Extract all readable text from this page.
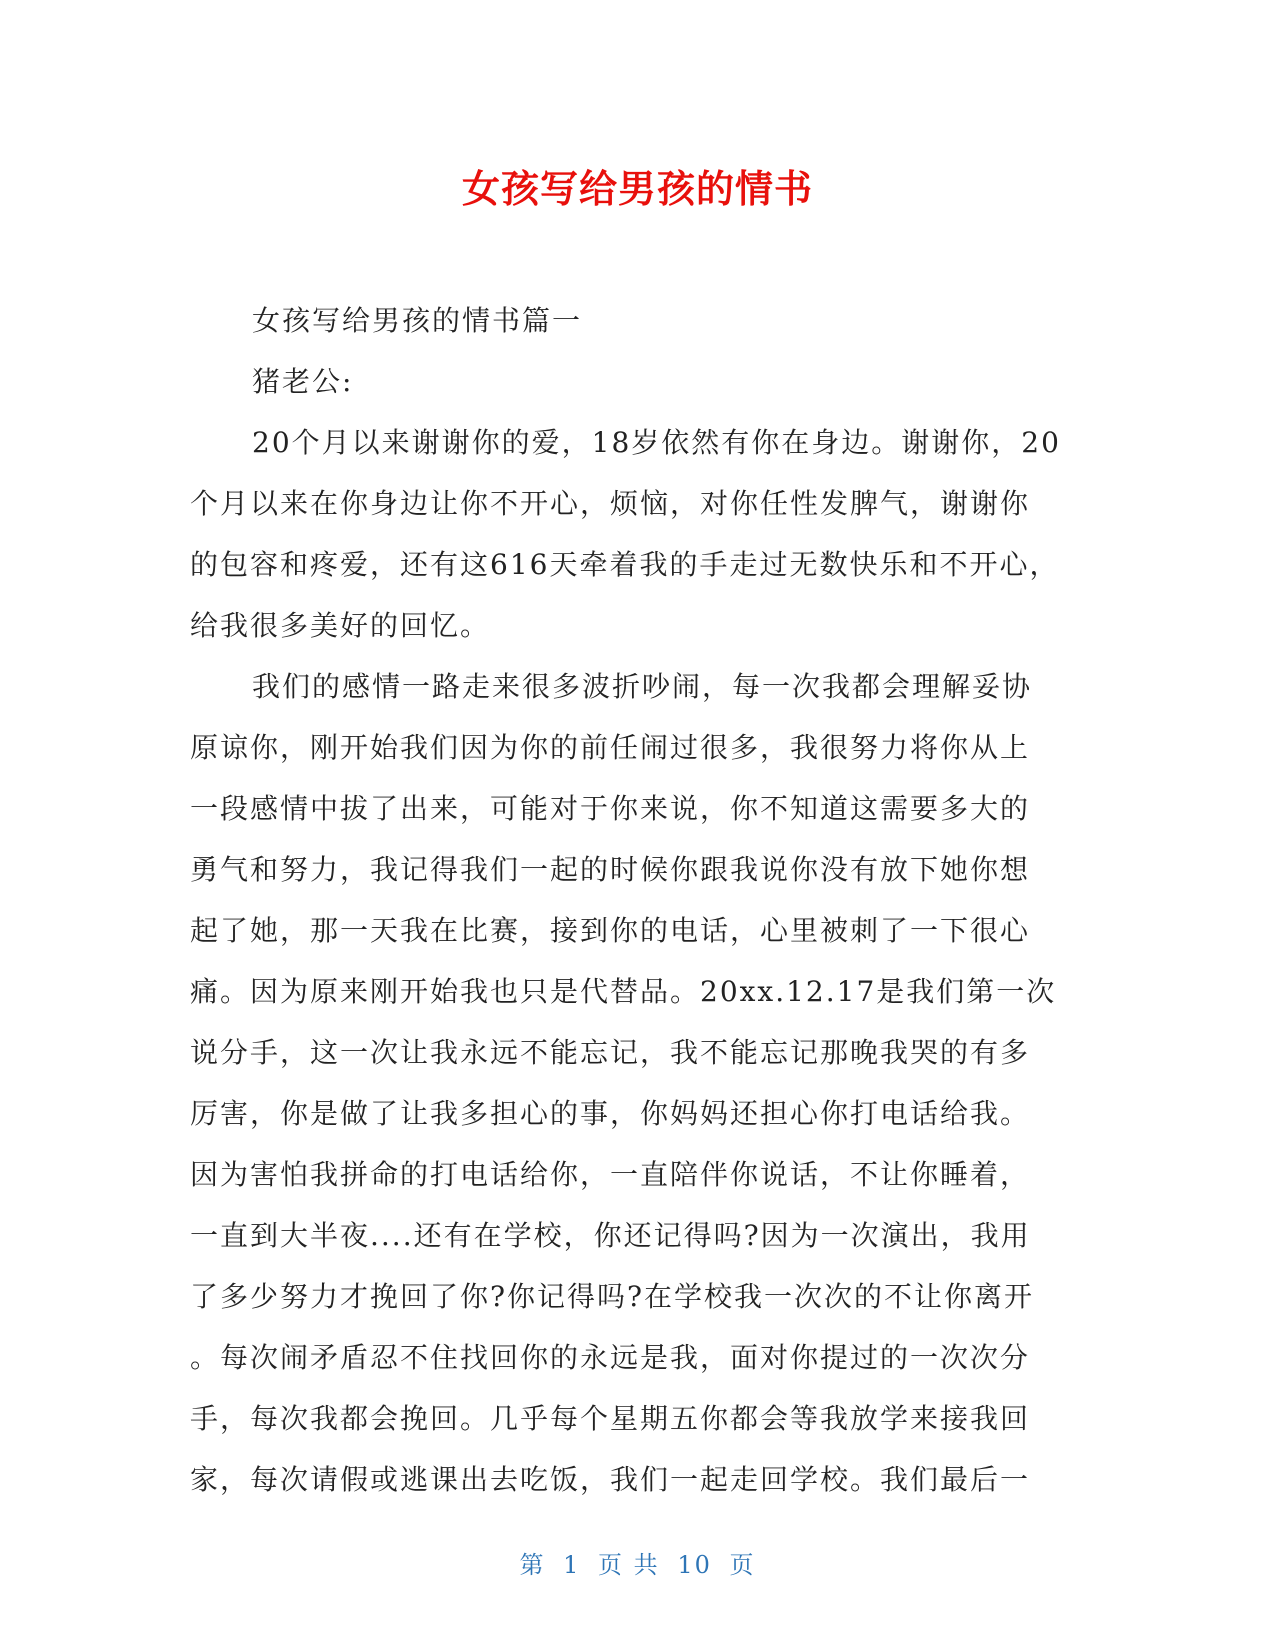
女孩写给男孩的情书
女孩写给男孩的情书篇一
猪老公:
20个月以来谢谢你的爱，18岁依然有你在身边。谢谢你，20
个月以来在你身边让你不开心，烦恼，对你任性发脾气，谢谢你
的包容和疼爱，还有这616天牵着我的手走过无数快乐和不开心，
给我很多美好的回忆。
我们的感情一路走来很多波折吵闹，每一次我都会理解妥协
原谅你，刚开始我们因为你的前任闹过很多，我很努力将你从上
一段感情中拔了出来，可能对于你来说，你不知道这需要多大的
勇气和努力，我记得我们一起的时候你跟我说你没有放下她你想
起了她，那一天我在比赛，接到你的电话，心里被刺了一下很心
痛。因为原来刚开始我也只是代替品。20xx.12.17是我们第一次
说分手，这一次让我永远不能忘记，我不能忘记那晚我哭的有多
厉害，你是做了让我多担心的事，你妈妈还担心你打电话给我。
因为害怕我拼命的打电话给你，一直陪伴你说话，不让你睡着，
一直到大半夜....还有在学校，你还记得吗?因为一次演出，我用
了多少努力才挽回了你?你记得吗?在学校我一次次的不让你离开
。每次闹矛盾忍不住找回你的永远是我，面对你提过的一次次分
手，每次我都会挽回。几乎每个星期五你都会等我放学来接我回
家，每次请假或逃课出去吃饭，我们一起走回学校。我们最后一
第 1 页 共 10 页
